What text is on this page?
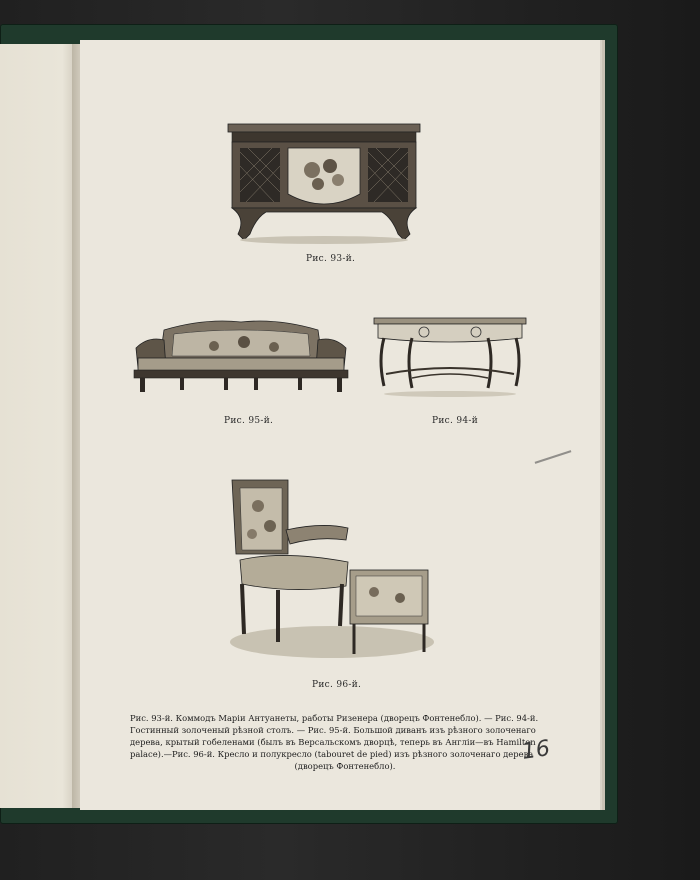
Рис. 93-й.
Рис. 95-й.	Рис. 94-й
Рис. 96-й.
Рис. 93-й. Коммодъ Маріи Антуанеты, работы Ризенера (дворецъ Фонтенебло). — Рис. 94-й.
Гостинный золоченый рѣзной столъ. — Рис. 95-й. Большой диванъ изъ рѣзного золоченаго
дерева, крытый гобеленами (былъ въ Версальскомъ дворцѣ, теперь въ Англіи—въ Hamilton
palace).—Рис. 96-й. Кресло и полукресло (tabouret de pied) изъ рѣзного золоченаго дерева
(дворецъ Фонтенебло).
16
